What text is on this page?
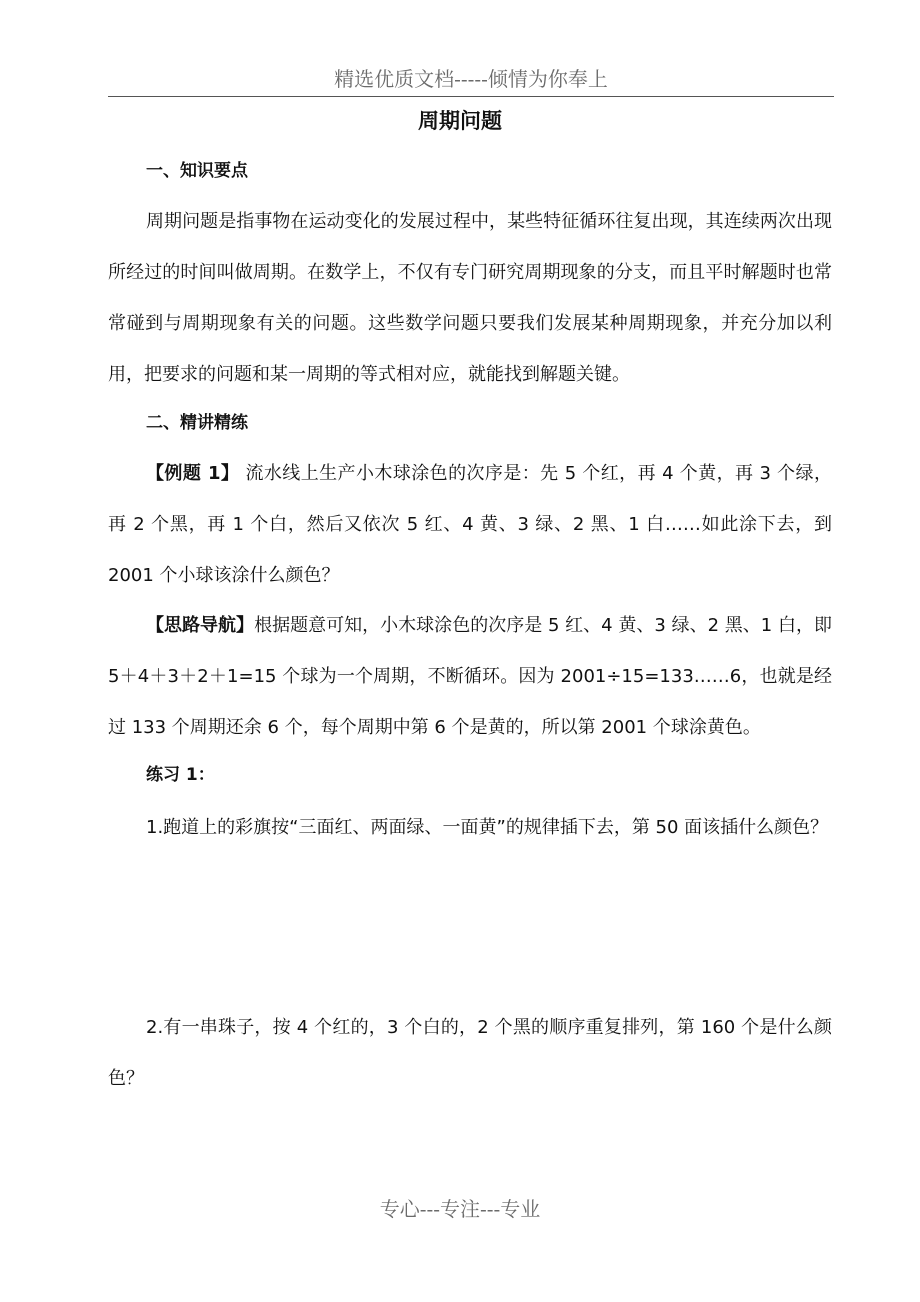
精选优质文档-----倾情为你奉上
周期问题
一、知识要点

周期问题是指事物在运动变化的发展过程中，某些特征循环往复出现，其连续两次出现所经过的时间叫做周期。在数学上，不仅有专门研究周期现象的分支，而且平时解题时也常常碰到与周期现象有关的问题。这些数学问题只要我们发展某种周期现象，并充分加以利用，把要求的问题和某一周期的等式相对应，就能找到解题关键。

二、精讲精练

【例题 1】 流水线上生产小木球涂色的次序是：先 5 个红，再 4 个黄，再 3 个绿，再 2 个黑，再 1 个白，然后又依次 5 红、4 黄、3 绿、2 黑、1 白……如此涂下去，到 2001 个小球该涂什么颜色？

【思路导航】根据题意可知，小木球涂色的次序是 5 红、4 黄、3 绿、2 黑、1 白，即 5＋4＋3＋2＋1=15 个球为一个周期，不断循环。因为 2001÷15=133……6，也就是经过 133 个周期还余 6 个，每个周期中第 6 个是黄的，所以第 2001 个球涂黄色。

练习 1：

1.跑道上的彩旗按“三面红、两面绿、一面黄”的规律插下去，第 50 面该插什么颜色？

2.有一串珠子，按 4 个红的，3 个白的，2 个黑的顺序重复排列，第 160 个是什么颜色？

专心---专注---专业
